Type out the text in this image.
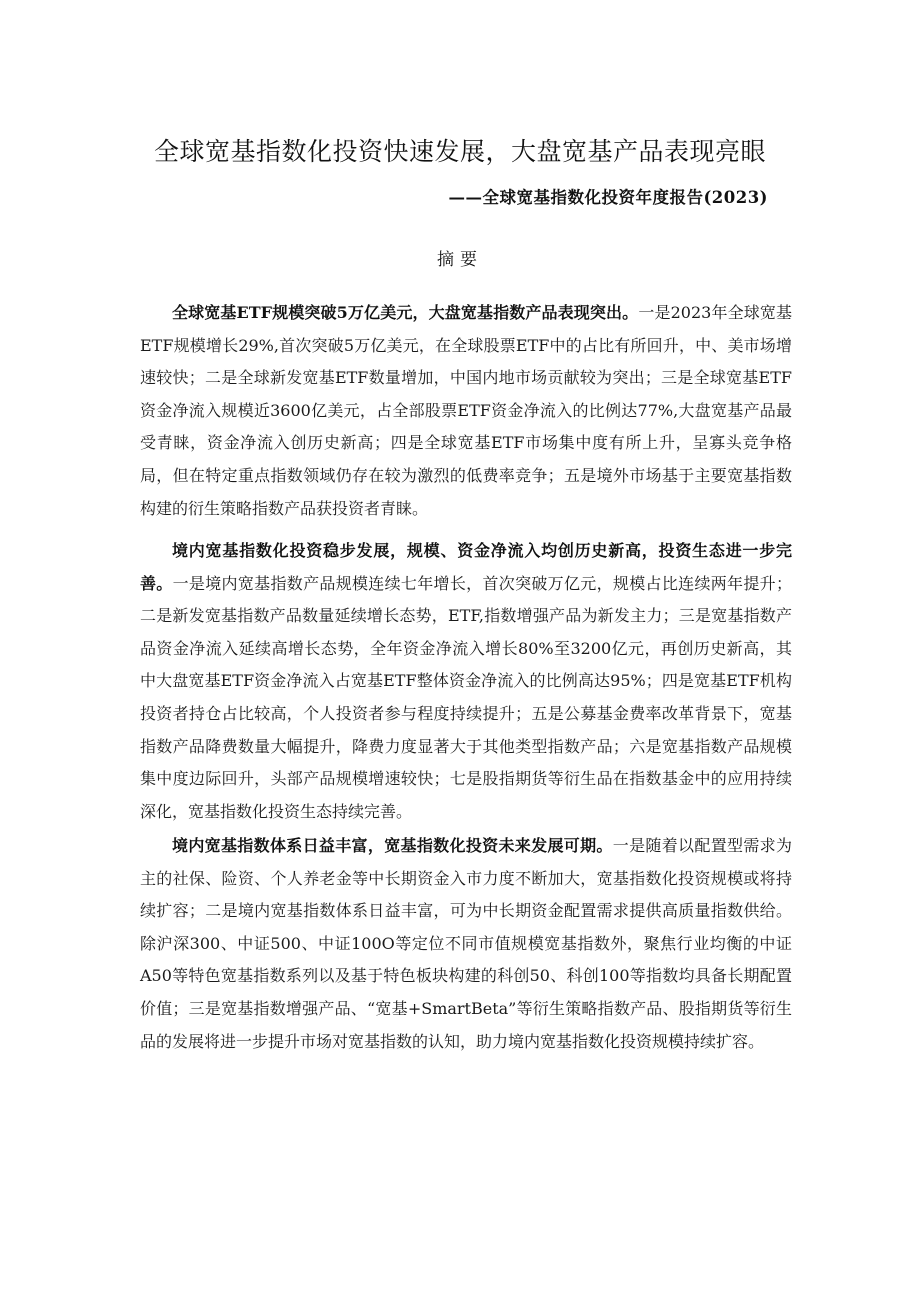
全球宽基指数化投资快速发展，大盘宽基产品表现亮眼
——全球宽基指数化投资年度报告(2023)
摘要

全球宽基ETF规模突破5万亿美元，大盘宽基指数产品表现突出。一是2023年全球宽基ETF规模增长29%,首次突破5万亿美元，在全球股票ETF中的占比有所回升，中、美市场增速较快；二是全球新发宽基ETF数量增加，中国内地市场贡献较为突出；三是全球宽基ETF资金净流入规模近3600亿美元，占全部股票ETF资金净流入的比例达77%,大盘宽基产品最受青睐，资金净流入创历史新高；四是全球宽基ETF市场集中度有所上升，呈寡头竞争格局，但在特定重点指数领域仍存在较为激烈的低费率竞争；五是境外市场基于主要宽基指数构建的衍生策略指数产品获投资者青睐。

境内宽基指数化投资稳步发展，规模、资金净流入均创历史新高，投资生态进一步完善。一是境内宽基指数产品规模连续七年增长，首次突破万亿元，规模占比连续两年提升；二是新发宽基指数产品数量延续增长态势，ETF,指数增强产品为新发主力；三是宽基指数产品资金净流入延续高增长态势，全年资金净流入增长80%至3200亿元，再创历史新高，其中大盘宽基ETF资金净流入占宽基ETF整体资金净流入的比例高达95%；四是宽基ETF机构投资者持仓占比较高，个人投资者参与程度持续提升；五是公募基金费率改革背景下，宽基指数产品降费数量大幅提升，降费力度显著大于其他类型指数产品；六是宽基指数产品规模集中度边际回升，头部产品规模增速较快；七是股指期货等衍生品在指数基金中的应用持续深化，宽基指数化投资生态持续完善。

境内宽基指数体系日益丰富，宽基指数化投资未来发展可期。一是随着以配置型需求为主的社保、险资、个人养老金等中长期资金入市力度不断加大，宽基指数化投资规模或将持续扩容；二是境内宽基指数体系日益丰富，可为中长期资金配置需求提供高质量指数供给。除沪深300、中证500、中证100O等定位不同市值规模宽基指数外，聚焦行业均衡的中证A50等特色宽基指数系列以及基于特色板块构建的科创50、科创100等指数均具备长期配置价值；三是宽基指数增强产品、“宽基+SmartBeta”等衍生策略指数产品、股指期货等衍生品的发展将进一步提升市场对宽基指数的认知，助力境内宽基指数化投资规模持续扩容。
